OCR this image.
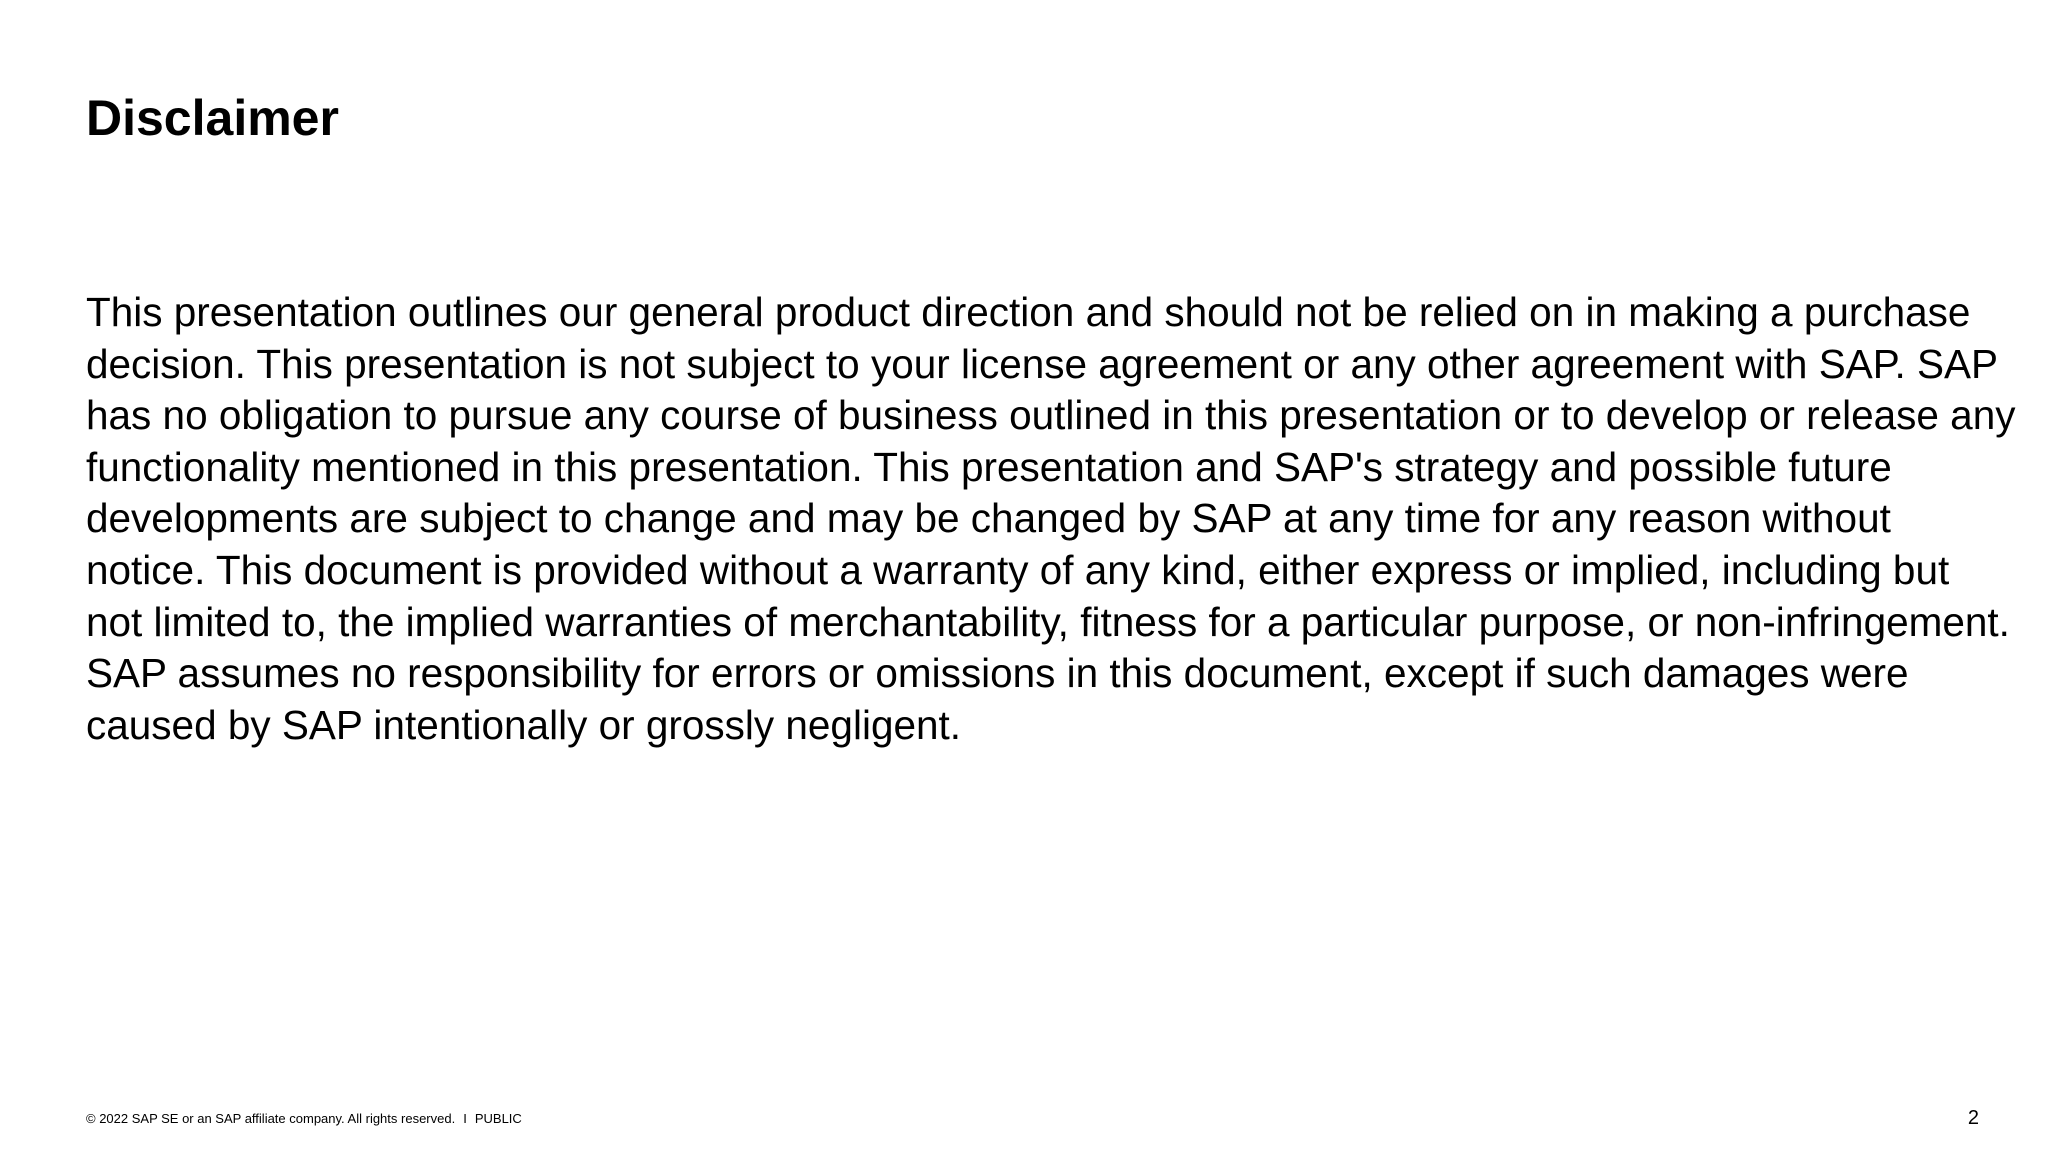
Disclaimer

This presentation outlines our general product direction and should not be relied on in making a purchase decision. This presentation is not subject to your license agreement or any other agreement with SAP. SAP has no obligation to pursue any course of business outlined in this presentation or to develop or release any functionality mentioned in this presentation. This presentation and SAP's strategy and possible future developments are subject to change and may be changed by SAP at any time for any reason without notice. This document is provided without a warranty of any kind, either express or implied, including but not limited to, the implied warranties of merchantability, fitness for a particular purpose, or non-infringement. SAP assumes no responsibility for errors or omissions in this document, except if such damages were caused by SAP intentionally or grossly negligent.

© 2022 SAP SE or an SAP affiliate company. All rights reserved. I PUBLIC	2
